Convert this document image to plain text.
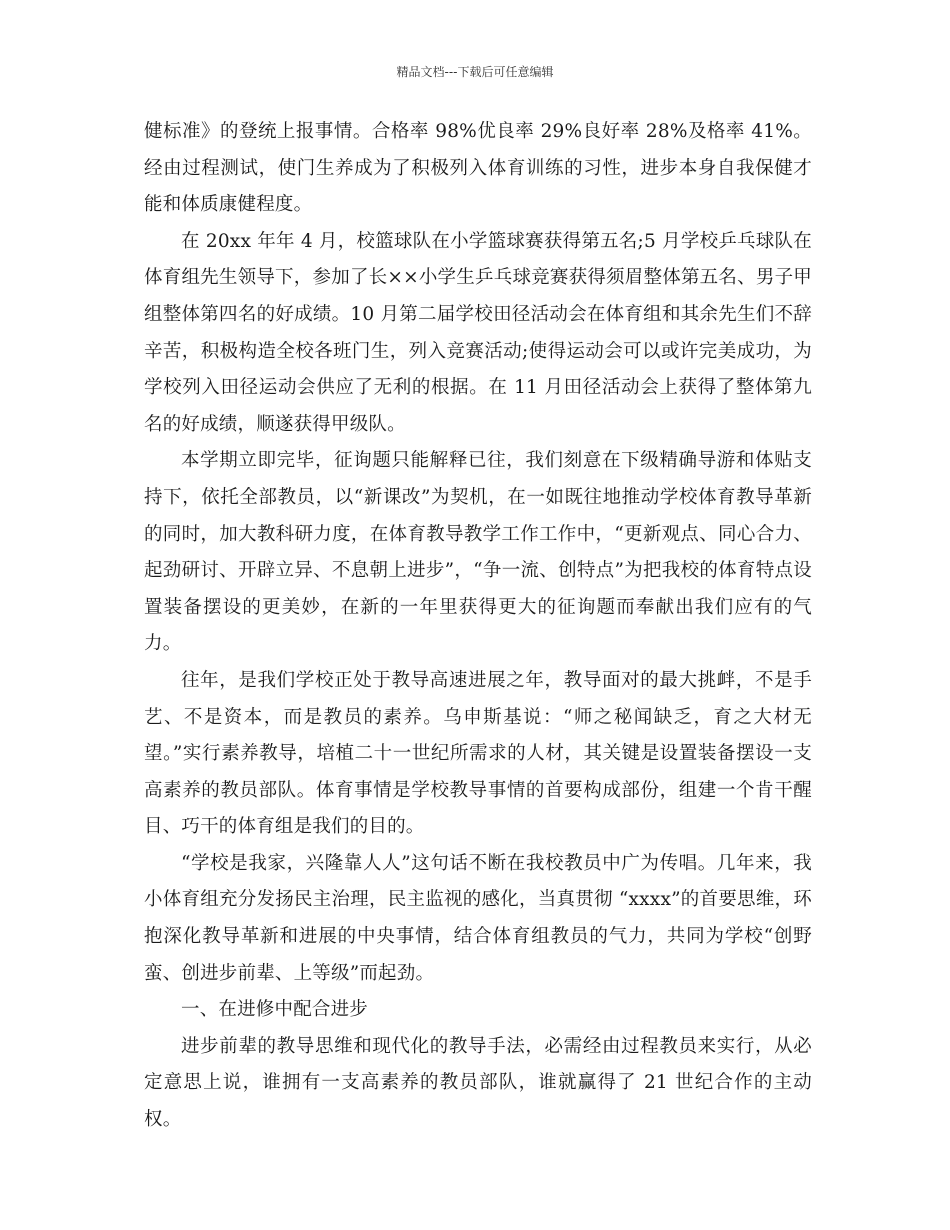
精品文档---下载后可任意编辑

健标准》的登统上报事情。合格率 98%优良率 29%良好率 28%及格率 41%。经由过程测试，使门生养成为了积极列入体育训练的习性，进步本身自我保健才能和体质康健程度。

在 20xx 年年 4 月，校篮球队在小学篮球赛获得第五名;5 月学校乒乓球队在体育组先生领导下，参加了长××小学生乒乓球竞赛获得须眉整体第五名、男子甲组整体第四名的好成绩。10 月第二届学校田径活动会在体育组和其余先生们不辞辛苦，积极构造全校各班门生，列入竞赛活动;使得运动会可以或许完美成功，为学校列入田径运动会供应了无利的根据。在 11 月田径活动会上获得了整体第九名的好成绩，顺遂获得甲级队。

本学期立即完毕，征询题只能解释已往，我们刻意在下级精确导游和体贴支持下，依托全部教员，以“新课改”为契机，在一如既往地推动学校体育教导革新的同时，加大教科研力度，在体育教导教学工作工作中，“更新观点、同心合力、起劲研讨、开辟立异、不息朝上进步”，“争一流、创特点”为把我校的体育特点设置装备摆设的更美妙，在新的一年里获得更大的征询题而奉献出我们应有的气力。

往年，是我们学校正处于教导高速进展之年，教导面对的最大挑衅，不是手艺、不是资本，而是教员的素养。乌申斯基说：“师之秘闻缺乏，育之大材无望。”实行素养教导，培植二十一世纪所需求的人材，其关键是设置装备摆设一支高素养的教员部队。体育事情是学校教导事情的首要构成部份，组建一个肯干醒目、巧干的体育组是我们的目的。

“学校是我家，兴隆靠人人”这句话不断在我校教员中广为传唱。几年来，我小体育组充分发扬民主治理，民主监视的感化，当真贯彻 “xxxx”的首要思维，环抱深化教导革新和进展的中央事情，结合体育组教员的气力，共同为学校“创野蛮、创进步前辈、上等级”而起劲。

一、在进修中配合进步

进步前辈的教导思维和现代化的教导手法，必需经由过程教员来实行，从必定意思上说，谁拥有一支高素养的教员部队，谁就赢得了 21 世纪合作的主动权。
